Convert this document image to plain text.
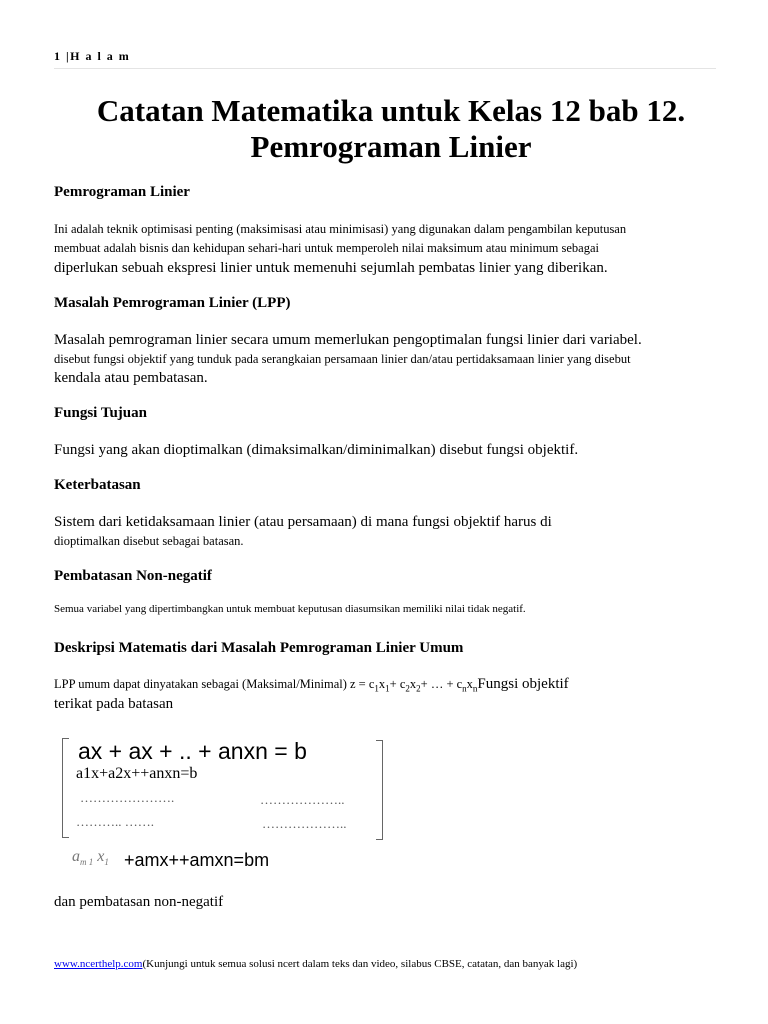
1 |H a l a m
Catatan Matematika untuk Kelas 12 bab 12.
Pemrograman Linier
Pemrograman Linier
Ini adalah teknik optimisasi penting (maksimisasi atau minimisasi) yang digunakan dalam pengambilan keputusan
membuat adalah bisnis dan kehidupan sehari-hari untuk memperoleh nilai maksimum atau minimum sebagai
diperlukan sebuah ekspresi linier untuk memenuhi sejumlah pembatas linier yang diberikan.
Masalah Pemrograman Linier (LPP)
Masalah pemrograman linier secara umum memerlukan pengoptimalan fungsi linier dari variabel.
disebut fungsi objektif yang tunduk pada serangkaian persamaan linier dan/atau pertidaksamaan linier yang disebut
kendala atau pembatasan.
Fungsi Tujuan
Fungsi yang akan dioptimalkan (dimaksimalkan/diminimalkan) disebut fungsi objektif.
Keterbatasan
Sistem dari ketidaksamaan linier (atau persamaan) di mana fungsi objektif harus di
dioptimalkan disebut sebagai batasan.
Pembatasan Non-negatif
Semua variabel yang dipertimbangkan untuk membuat keputusan diasumsikan memiliki nilai tidak negatif.
Deskripsi Matematis dari Masalah Pemrograman Linier Umum
LPP umum dapat dinyatakan sebagai (Maksimal/Minimal) $z = c_1x_1+ c_2x_2+$ … + $c_nx_nFungsi$ objektif
terikat pada batasan
ax + ax + .. + anxn = b
a1x+a2x++anxn=b
………………….	………………..
……….. …….	………………..
$a_{m 1}$ $x_1$ +amx++amxn=bm
dan pembatasan non-negatif
www.ncerthelp.com(Kunjungi untuk semua solusi ncert dalam teks dan video, silabus CBSE, catatan, dan banyak lagi)
